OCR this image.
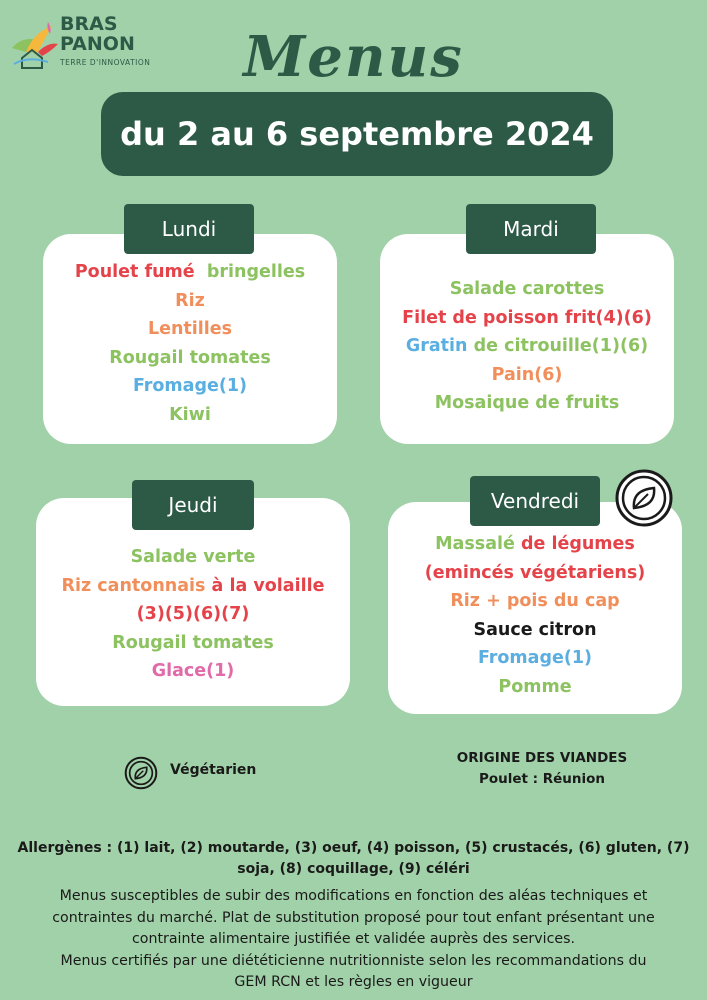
BRAS
PANON
TERRE D'INNOVATION	Menus
du 2 au 6 septembre 2024
Poulet fumé  bringelles
Riz
Lentilles
Rougail tomates
Fromage(1)
Kiwi
Lundi
Salade carottes
Filet de poisson frit(4)(6)
Gratin de citrouille(1)(6)
Pain(6)
Mosaique de fruits
Mardi
Salade verte
Riz cantonnais à la volaille
(3)(5)(6)(7)
Rougail tomates
Glace(1)
Jeudi
Massalé de légumes
(emincés végétariens)
Riz + pois du cap
Sauce citron
Fromage(1)
Pomme
Vendredi
Végétarien
ORIGINE DES VIANDES
Poulet : Réunion
Allergènes : (1) lait, (2) moutarde, (3) oeuf, (4) poisson, (5) crustacés, (6) gluten, (7)
soja, (8) coquillage, (9) céléri
Menus susceptibles de subir des modifications en fonction des aléas techniques et
contraintes du marché. Plat de substitution proposé pour tout enfant présentant une
contrainte alimentaire justifiée et validée auprès des services.
Menus certifiés par une diététicienne nutritionniste selon les recommandations du
GEM RCN et les règles en vigueur
